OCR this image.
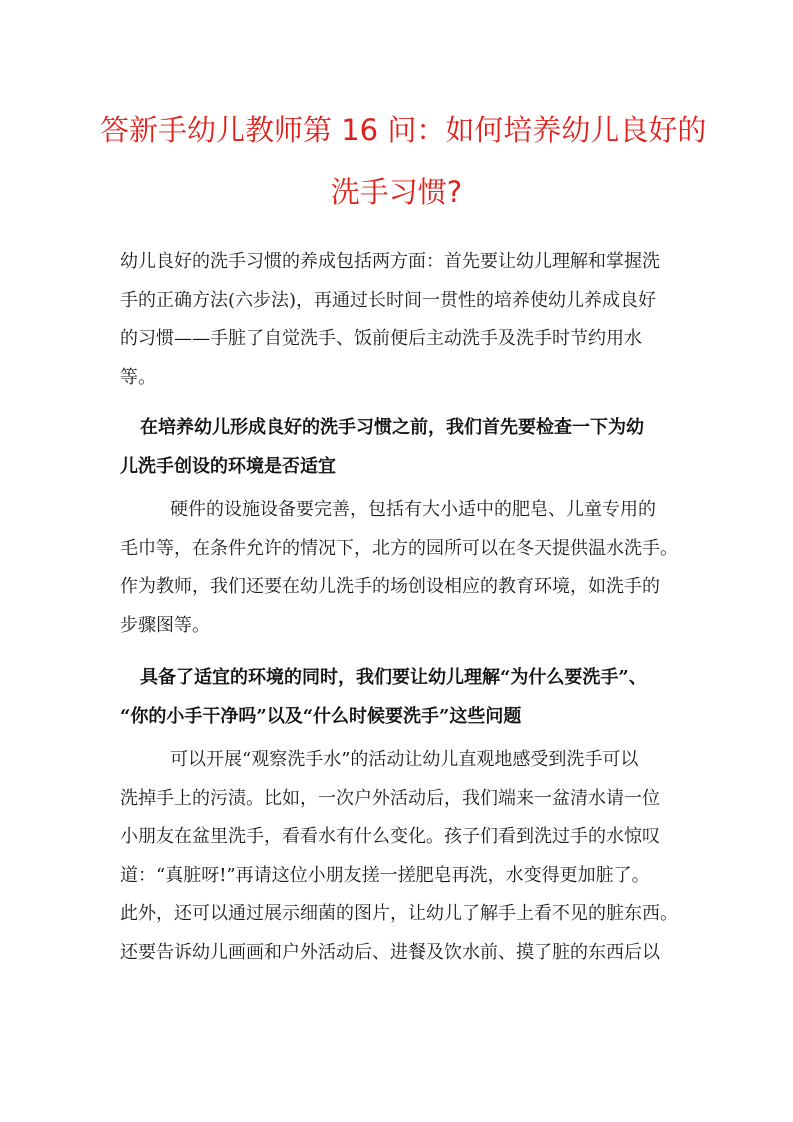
答新手幼儿教师第 16 问：如何培养幼儿良好的
洗手习惯?
幼儿良好的洗手习惯的养成包括两方面：首先要让幼儿理解和掌握洗
手的正确方法(六步法)，再通过长时间一贯性的培养使幼儿养成良好
的习惯——手脏了自觉洗手、饭前便后主动洗手及洗手时节约用水
等。
在培养幼儿形成良好的洗手习惯之前，我们首先要检查一下为幼
儿洗手创设的环境是否适宜
硬件的设施设备要完善，包括有大小适中的肥皂、儿童专用的
毛巾等，在条件允许的情况下，北方的园所可以在冬天提供温水洗手。
作为教师，我们还要在幼儿洗手的场创设相应的教育环境，如洗手的
步骤图等。
具备了适宜的环境的同时，我们要让幼儿理解“为什么要洗手”、
“你的小手干净吗”以及“什么时候要洗手”这些问题
可以开展“观察洗手水”的活动让幼儿直观地感受到洗手可以
洗掉手上的污渍。比如，一次户外活动后，我们端来一盆清水请一位
小朋友在盆里洗手，看看水有什么变化。孩子们看到洗过手的水惊叹
道：“真脏呀!”再请这位小朋友搓一搓肥皂再洗，水变得更加脏了。
此外，还可以通过展示细菌的图片，让幼儿了解手上看不见的脏东西。
还要告诉幼儿画画和户外活动后、进餐及饮水前、摸了脏的东西后以
